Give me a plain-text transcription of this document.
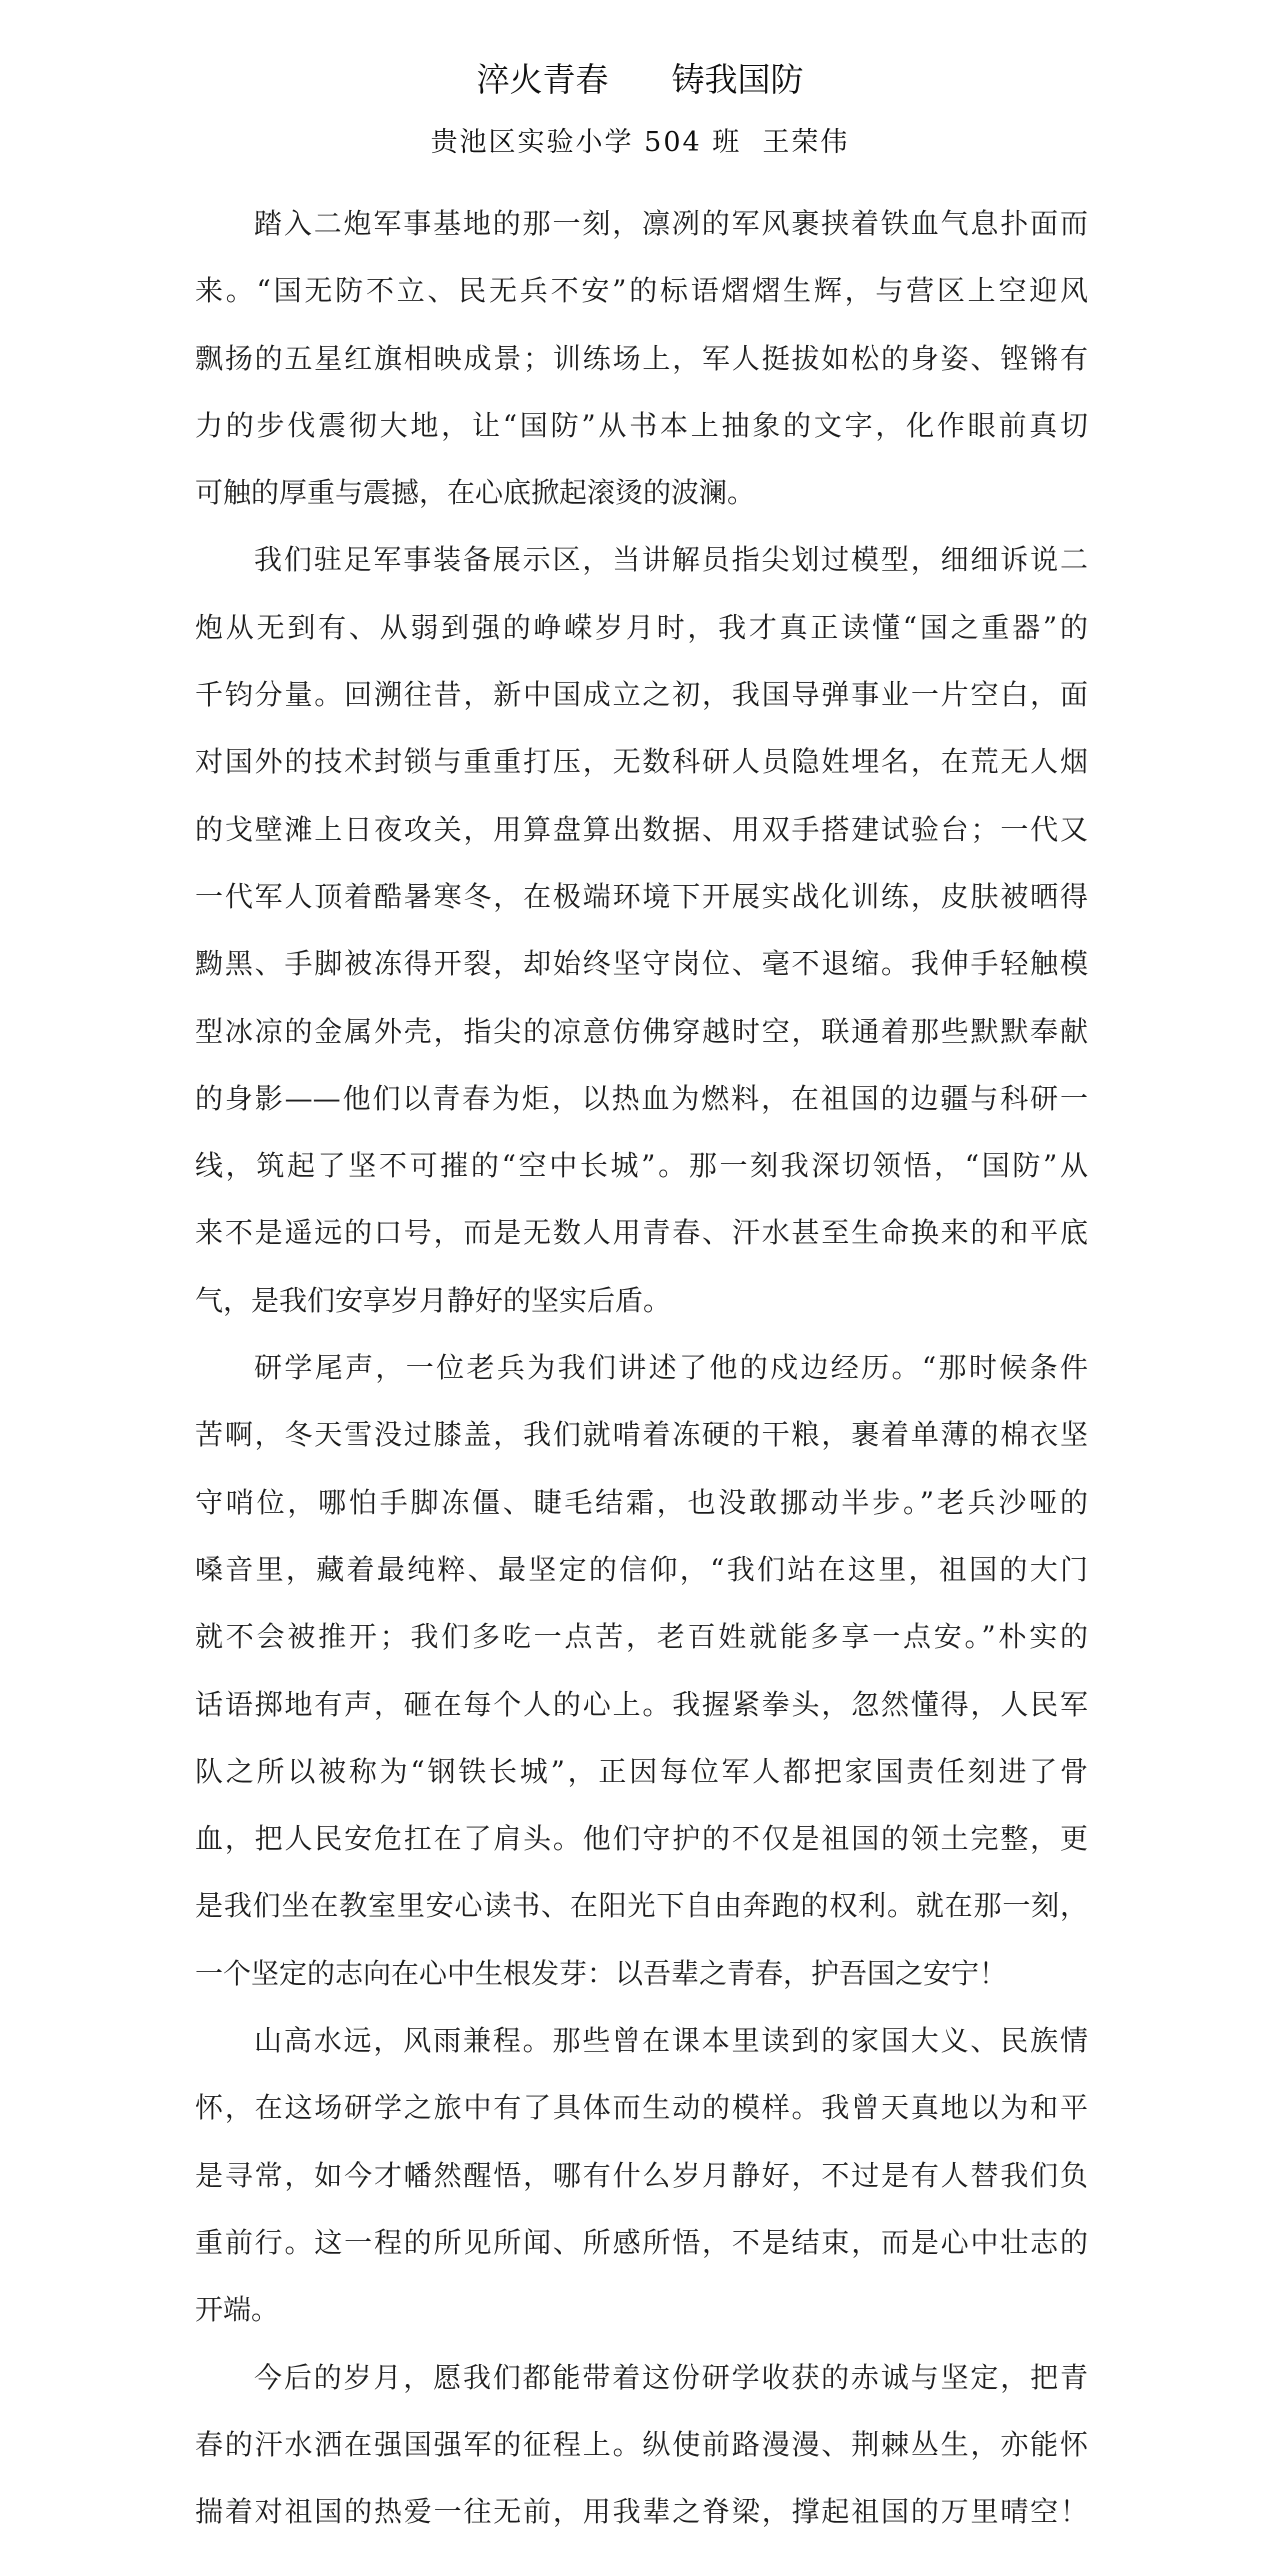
淬火青春      铸我国防
贵池区实验小学 504 班  王荣伟
踏入二炮军事基地的那一刻，凛冽的军风裹挟着铁血气息扑面而
来。“国无防不立、民无兵不安”的标语熠熠生辉，与营区上空迎风
飘扬的五星红旗相映成景；训练场上，军人挺拔如松的身姿、铿锵有
力的步伐震彻大地，让“国防”从书本上抽象的文字，化作眼前真切
可触的厚重与震撼，在心底掀起滚烫的波澜。
我们驻足军事装备展示区，当讲解员指尖划过模型，细细诉说二
炮从无到有、从弱到强的峥嵘岁月时，我才真正读懂“国之重器”的
千钧分量。回溯往昔，新中国成立之初，我国导弹事业一片空白，面
对国外的技术封锁与重重打压，无数科研人员隐姓埋名，在荒无人烟
的戈壁滩上日夜攻关，用算盘算出数据、用双手搭建试验台；一代又
一代军人顶着酷暑寒冬，在极端环境下开展实战化训练，皮肤被晒得
黝黑、手脚被冻得开裂，却始终坚守岗位、毫不退缩。我伸手轻触模
型冰凉的金属外壳，指尖的凉意仿佛穿越时空，联通着那些默默奉献
的身影——他们以青春为炬，以热血为燃料，在祖国的边疆与科研一
线，筑起了坚不可摧的“空中长城”。那一刻我深切领悟，“国防”从
来不是遥远的口号，而是无数人用青春、汗水甚至生命换来的和平底
气，是我们安享岁月静好的坚实后盾。
研学尾声，一位老兵为我们讲述了他的戍边经历。“那时候条件
苦啊，冬天雪没过膝盖，我们就啃着冻硬的干粮，裹着单薄的棉衣坚
守哨位，哪怕手脚冻僵、睫毛结霜，也没敢挪动半步。”老兵沙哑的
嗓音里，藏着最纯粹、最坚定的信仰，“我们站在这里，祖国的大门
就不会被推开；我们多吃一点苦，老百姓就能多享一点安。”朴实的
话语掷地有声，砸在每个人的心上。我握紧拳头，忽然懂得，人民军
队之所以被称为“钢铁长城”，正因每位军人都把家国责任刻进了骨
血，把人民安危扛在了肩头。他们守护的不仅是祖国的领土完整，更
是我们坐在教室里安心读书、在阳光下自由奔跑的权利。就在那一刻，
一个坚定的志向在心中生根发芽：以吾辈之青春，护吾国之安宁！
山高水远，风雨兼程。那些曾在课本里读到的家国大义、民族情
怀，在这场研学之旅中有了具体而生动的模样。我曾天真地以为和平
是寻常，如今才幡然醒悟，哪有什么岁月静好，不过是有人替我们负
重前行。这一程的所见所闻、所感所悟，不是结束，而是心中壮志的
开端。
今后的岁月，愿我们都能带着这份研学收获的赤诚与坚定，把青
春的汗水洒在强国强军的征程上。纵使前路漫漫、荆棘丛生，亦能怀
揣着对祖国的热爱一往无前，用我辈之脊梁，撑起祖国的万里晴空！
